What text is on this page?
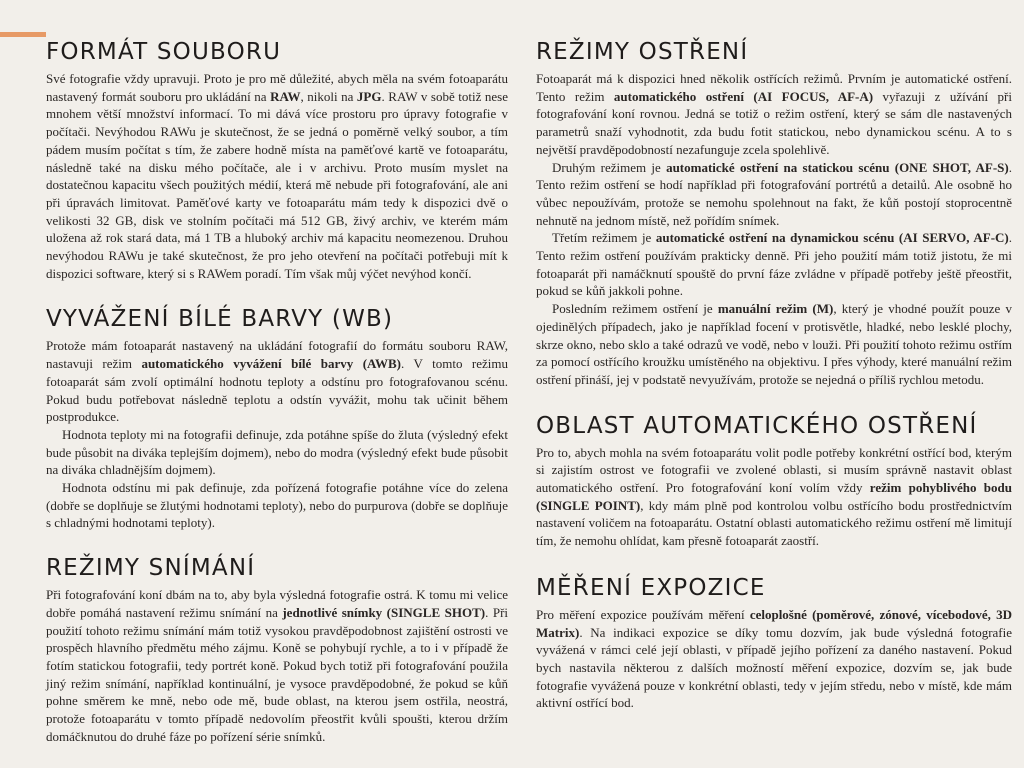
FORMÁT SOUBORU

Své fotografie vždy upravuji. Proto je pro mě důležité, abych měla na svém fotoaparátu nastavený formát souboru pro ukládání na RAW, nikoli na JPG. RAW v sobě totiž nese mnohem větší množství informací. To mi dává více prostoru pro úpravy fotografie v počítači. Nevýhodou RAWu je skutečnost, že se jedná o poměrně velký soubor, a tím pádem musím počítat s tím, že zabere hodně místa na paměťové kartě ve fotoaparátu, následně také na disku mého počítače, ale i v archivu. Proto musím myslet na dostatečnou kapacitu všech použitých médií, která mě nebude při fotografování, ale ani při úpravách limitovat. Paměťové karty ve fotoaparátu mám tedy k dispozici dvě o velikosti 32 GB, disk ve stolním počítači má 512 GB, živý archiv, ve kterém mám uložena až rok stará data, má 1 TB a hluboký archiv má kapacitu neomezenou. Druhou nevýhodou RAWu je také skutečnost, že pro jeho otevření na počítači potřebuji mít k dispozici software, který si s RAWem poradí. Tím však můj výčet nevýhod končí.

VYVÁŽENÍ BÍLÉ BARVY (WB)

Protože mám fotoaparát nastavený na ukládání fotografií do formátu souboru RAW, nastavuji režim automatického vyvážení bílé barvy (AWB). V tomto režimu fotoaparát sám zvolí optimální hodnotu teploty a odstínu pro fotografovanou scénu. Pokud budu potřebovat následně teplotu a odstín vyvážit, mohu tak učinit během postprodukce.

Hodnota teploty mi na fotografii definuje, zda potáhne spíše do žluta (výsledný efekt bude působit na diváka teplejším dojmem), nebo do modra (výsledný efekt bude působit na diváka chladnějším dojmem).

Hodnota odstínu mi pak definuje, zda pořízená fotografie potáhne více do zelena (dobře se doplňuje se žlutými hodnotami teploty), nebo do purpurova (dobře se doplňuje s chladnými hodnotami teploty).

REŽIMY SNÍMÁNÍ

Při fotografování koní dbám na to, aby byla výsledná fotografie ostrá. K tomu mi velice dobře pomáhá nastavení režimu snímání na jednotlivé snímky (SINGLE SHOT). Při použití tohoto režimu snímání mám totiž vysokou pravděpodobnost zajištění ostrosti ve prospěch hlavního předmětu mého zájmu. Koně se pohybují rychle, a to i v případě že fotím statickou fotografii, tedy portrét koně. Pokud bych totiž při fotografování použila jiný režim snímání, například kontinuální, je vysoce pravděpodobné, že pokud se kůň pohne směrem ke mně, nebo ode mě, bude oblast, na kterou jsem ostřila, neostrá, protože fotoaparátu v tomto případě nedovolím přeostřit kvůli spoušti, kterou držím domáčknutou do druhé fáze po pořízení série snímků.

REŽIMY OSTŘENÍ

Fotoaparát má k dispozici hned několik ostřících režimů. Prvním je automatické ostření. Tento režim automatického ostření (AI FOCUS, AF-A) vyřazuji z užívání při fotografování koní rovnou. Jedná se totiž o režim ostření, který se sám dle nastavených parametrů snaží vyhodnotit, zda budu fotit statickou, nebo dynamickou scénu. A to s největší pravděpodobností nezafunguje zcela spolehlivě.

Druhým režimem je automatické ostření na statickou scénu (ONE SHOT, AF-S). Tento režim ostření se hodí například při fotografování portrétů a detailů. Ale osobně ho vůbec nepoužívám, protože se nemohu spolehnout na fakt, že kůň postojí stoprocentně nehnutě na jednom místě, než pořídím snímek.

Třetím režimem je automatické ostření na dynamickou scénu (AI SERVO, AF-C). Tento režim ostření používám prakticky denně. Při jeho použití mám totiž jistotu, že mi fotoaparát při namáčknutí spouště do první fáze zvládne v případě potřeby ještě přeostřit, pokud se kůň jakkoli pohne.

Posledním režimem ostření je manuální režim (M), který je vhodné použít pouze v ojedinělých případech, jako je například focení v protisvětle, hladké, nebo lesklé plochy, skrze okno, nebo sklo a také odrazů ve vodě, nebo v louži. Při použití tohoto režimu ostřím za pomocí ostřícího kroužku umístěného na objektivu. I přes výhody, které manuální režim ostření přináší, jej v podstatě nevyužívám, protože se nejedná o příliš rychlou metodu.

OBLAST AUTOMATICKÉHO OSTŘENÍ

Pro to, abych mohla na svém fotoaparátu volit podle potřeby konkrétní ostřící bod, kterým si zajistím ostrost ve fotografii ve zvolené oblasti, si musím správně nastavit oblast automatického ostření. Pro fotografování koní volím vždy režim pohyblivého bodu (SINGLE POINT), kdy mám plně pod kontrolou volbu ostřícího bodu prostřednictvím nastavení voličem na fotoaparátu. Ostatní oblasti automatického režimu ostření mě limitují tím, že nemohu ohlídat, kam přesně fotoaparát zaostří.

MĚŘENÍ EXPOZICE

Pro měření expozice používám měření celoplošné (poměrové, zónové, vícebodové, 3D Matrix). Na indikaci expozice se díky tomu dozvím, jak bude výsledná fotografie vyvážená v rámci celé její oblasti, v případě jejího pořízení za daného nastavení. Pokud bych nastavila některou z dalších možností měření expozice, dozvím se, jak bude fotografie vyvážená pouze v konkrétní oblasti, tedy v jejím středu, nebo v místě, kde mám aktivní ostřící bod.
